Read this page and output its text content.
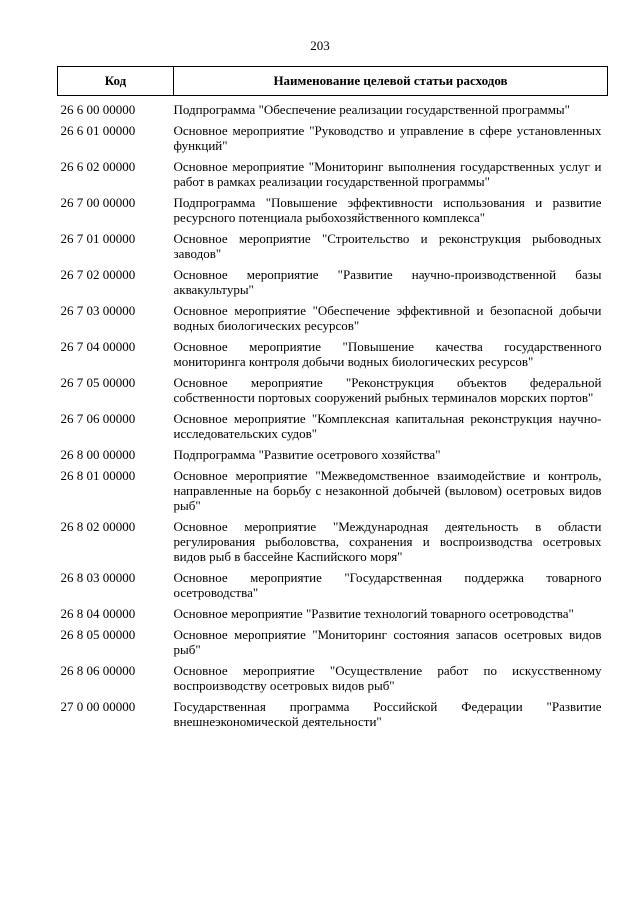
203
Код	Наименование целевой статьи расходов

26 6 00 00000	Подпрограмма "Обеспечение реализации государственной программы"

26 6 01 00000	Основное мероприятие "Руководство и управление в сфере установленных функций"

26 6 02 00000	Основное мероприятие "Мониторинг выполнения государственных услуг и работ в рамках реализации государственной программы"

26 7 00 00000	Подпрограмма "Повышение эффективности использования и развитие ресурсного потенциала рыбохозяйственного комплекса"

26 7 01 00000	Основное мероприятие "Строительство и реконструкция рыбоводных заводов"

26 7 02 00000	Основное мероприятие "Развитие научно-производственной базы аквакультуры"

26 7 03 00000	Основное мероприятие "Обеспечение эффективной и безопасной добычи водных биологических ресурсов"

26 7 04 00000	Основное мероприятие "Повышение качества государственного мониторинга контроля добычи водных биологических ресурсов"

26 7 05 00000	Основное мероприятие "Реконструкция объектов федеральной собственности портовых сооружений рыбных терминалов морских портов"

26 7 06 00000	Основное мероприятие "Комплексная капитальная реконструкция научно-исследовательских судов"

26 8 00 00000	Подпрограмма "Развитие осетрового хозяйства"

26 8 01 00000	Основное мероприятие "Межведомственное взаимодействие и контроль, направленные на борьбу с незаконной добычей (выловом) осетровых видов рыб"

26 8 02 00000	Основное мероприятие "Международная деятельность в области регулирования рыболовства, сохранения и воспроизводства осетровых видов рыб в бассейне Каспийского моря"

26 8 03 00000	Основное мероприятие "Государственная поддержка товарного осетроводства"

26 8 04 00000	Основное мероприятие "Развитие технологий товарного осетроводства"

26 8 05 00000	Основное мероприятие "Мониторинг состояния запасов осетровых видов рыб"

26 8 06 00000	Основное мероприятие "Осуществление работ по искусственному воспроизводству осетровых видов рыб"

27 0 00 00000	Государственная программа Российской Федерации "Развитие внешнеэкономической деятельности"
